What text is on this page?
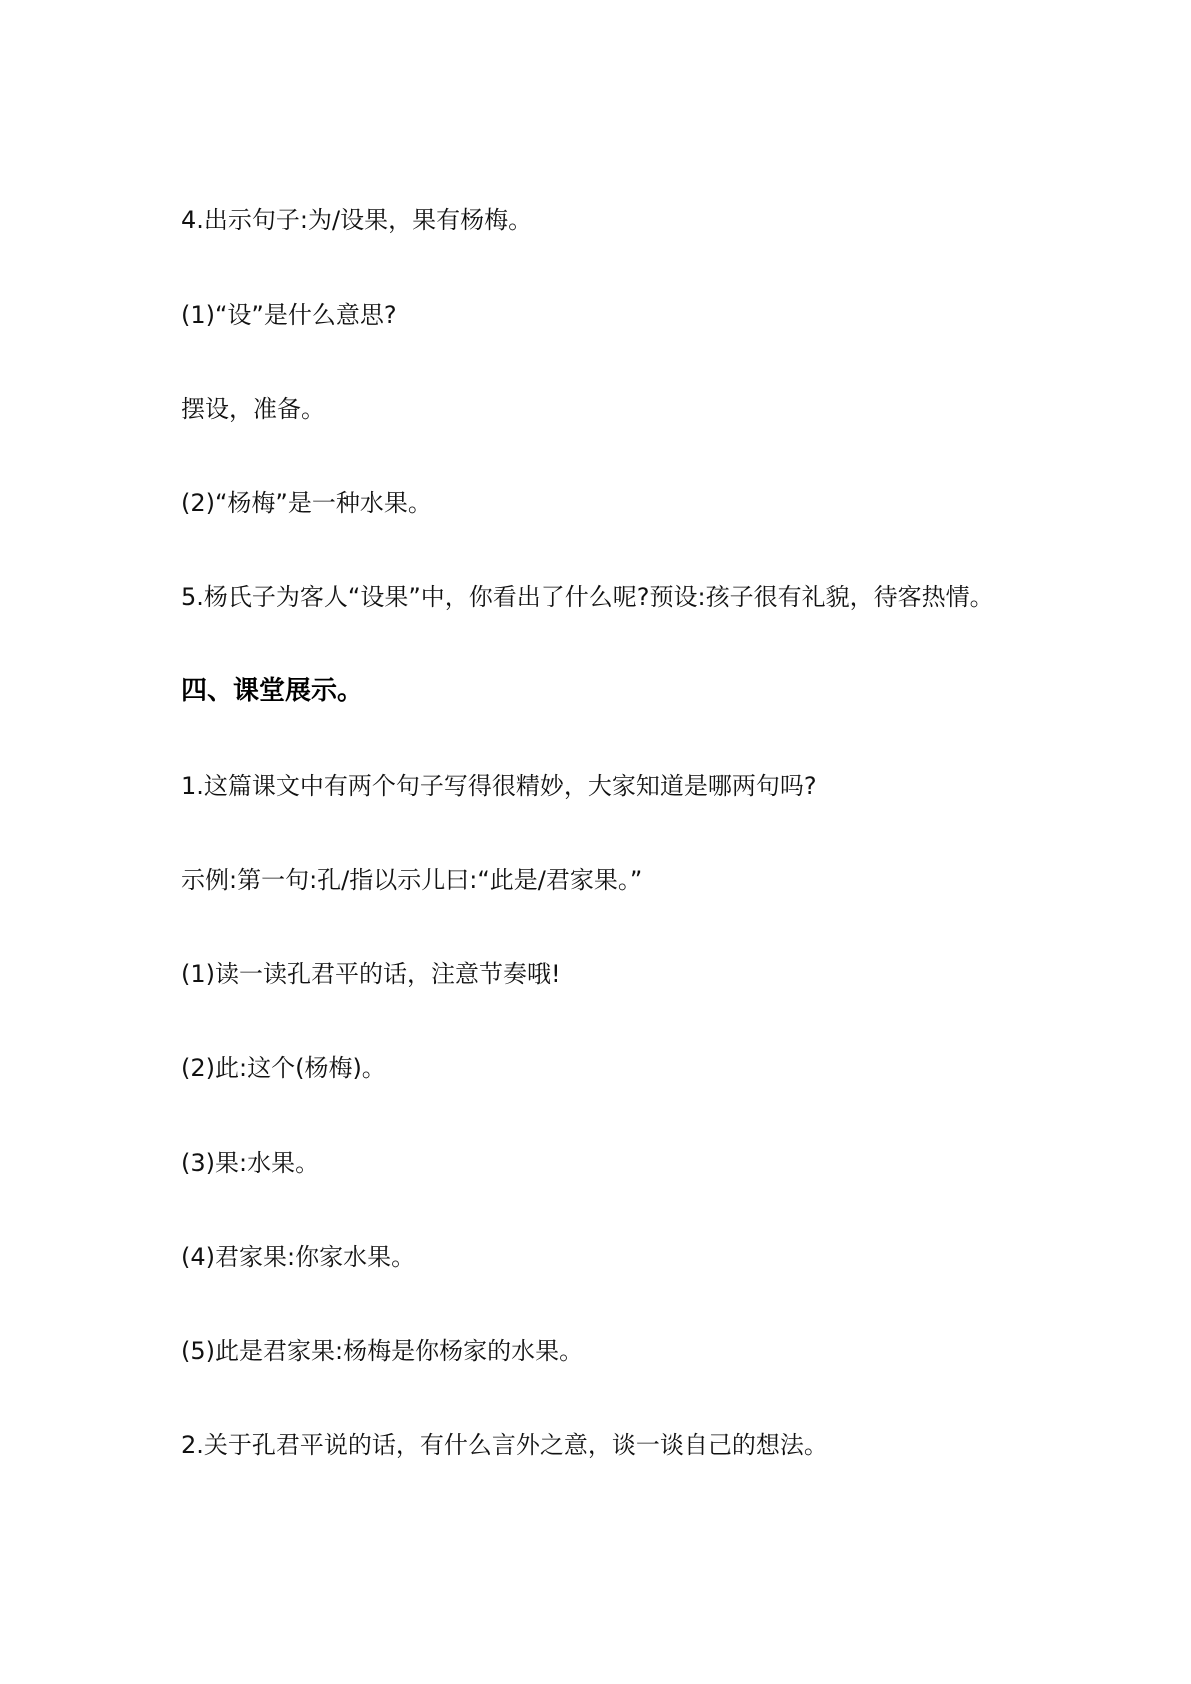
4.出示句子:为/设果，果有杨梅。
(1)“设”是什么意思?
摆设，准备。
(2)“杨梅”是一种水果。
5.杨氏子为客人“设果”中，你看出了什么呢?预设:孩子很有礼貌，待客热情。
四、课堂展示。
1.这篇课文中有两个句子写得很精妙，大家知道是哪两句吗?
示例:第一句:孔/指以示儿曰:“此是/君家果。”
(1)读一读孔君平的话，注意节奏哦!
(2)此:这个(杨梅)。
(3)果:水果。
(4)君家果:你家水果。
(5)此是君家果:杨梅是你杨家的水果。
2.关于孔君平说的话，有什么言外之意，谈一谈自己的想法。
